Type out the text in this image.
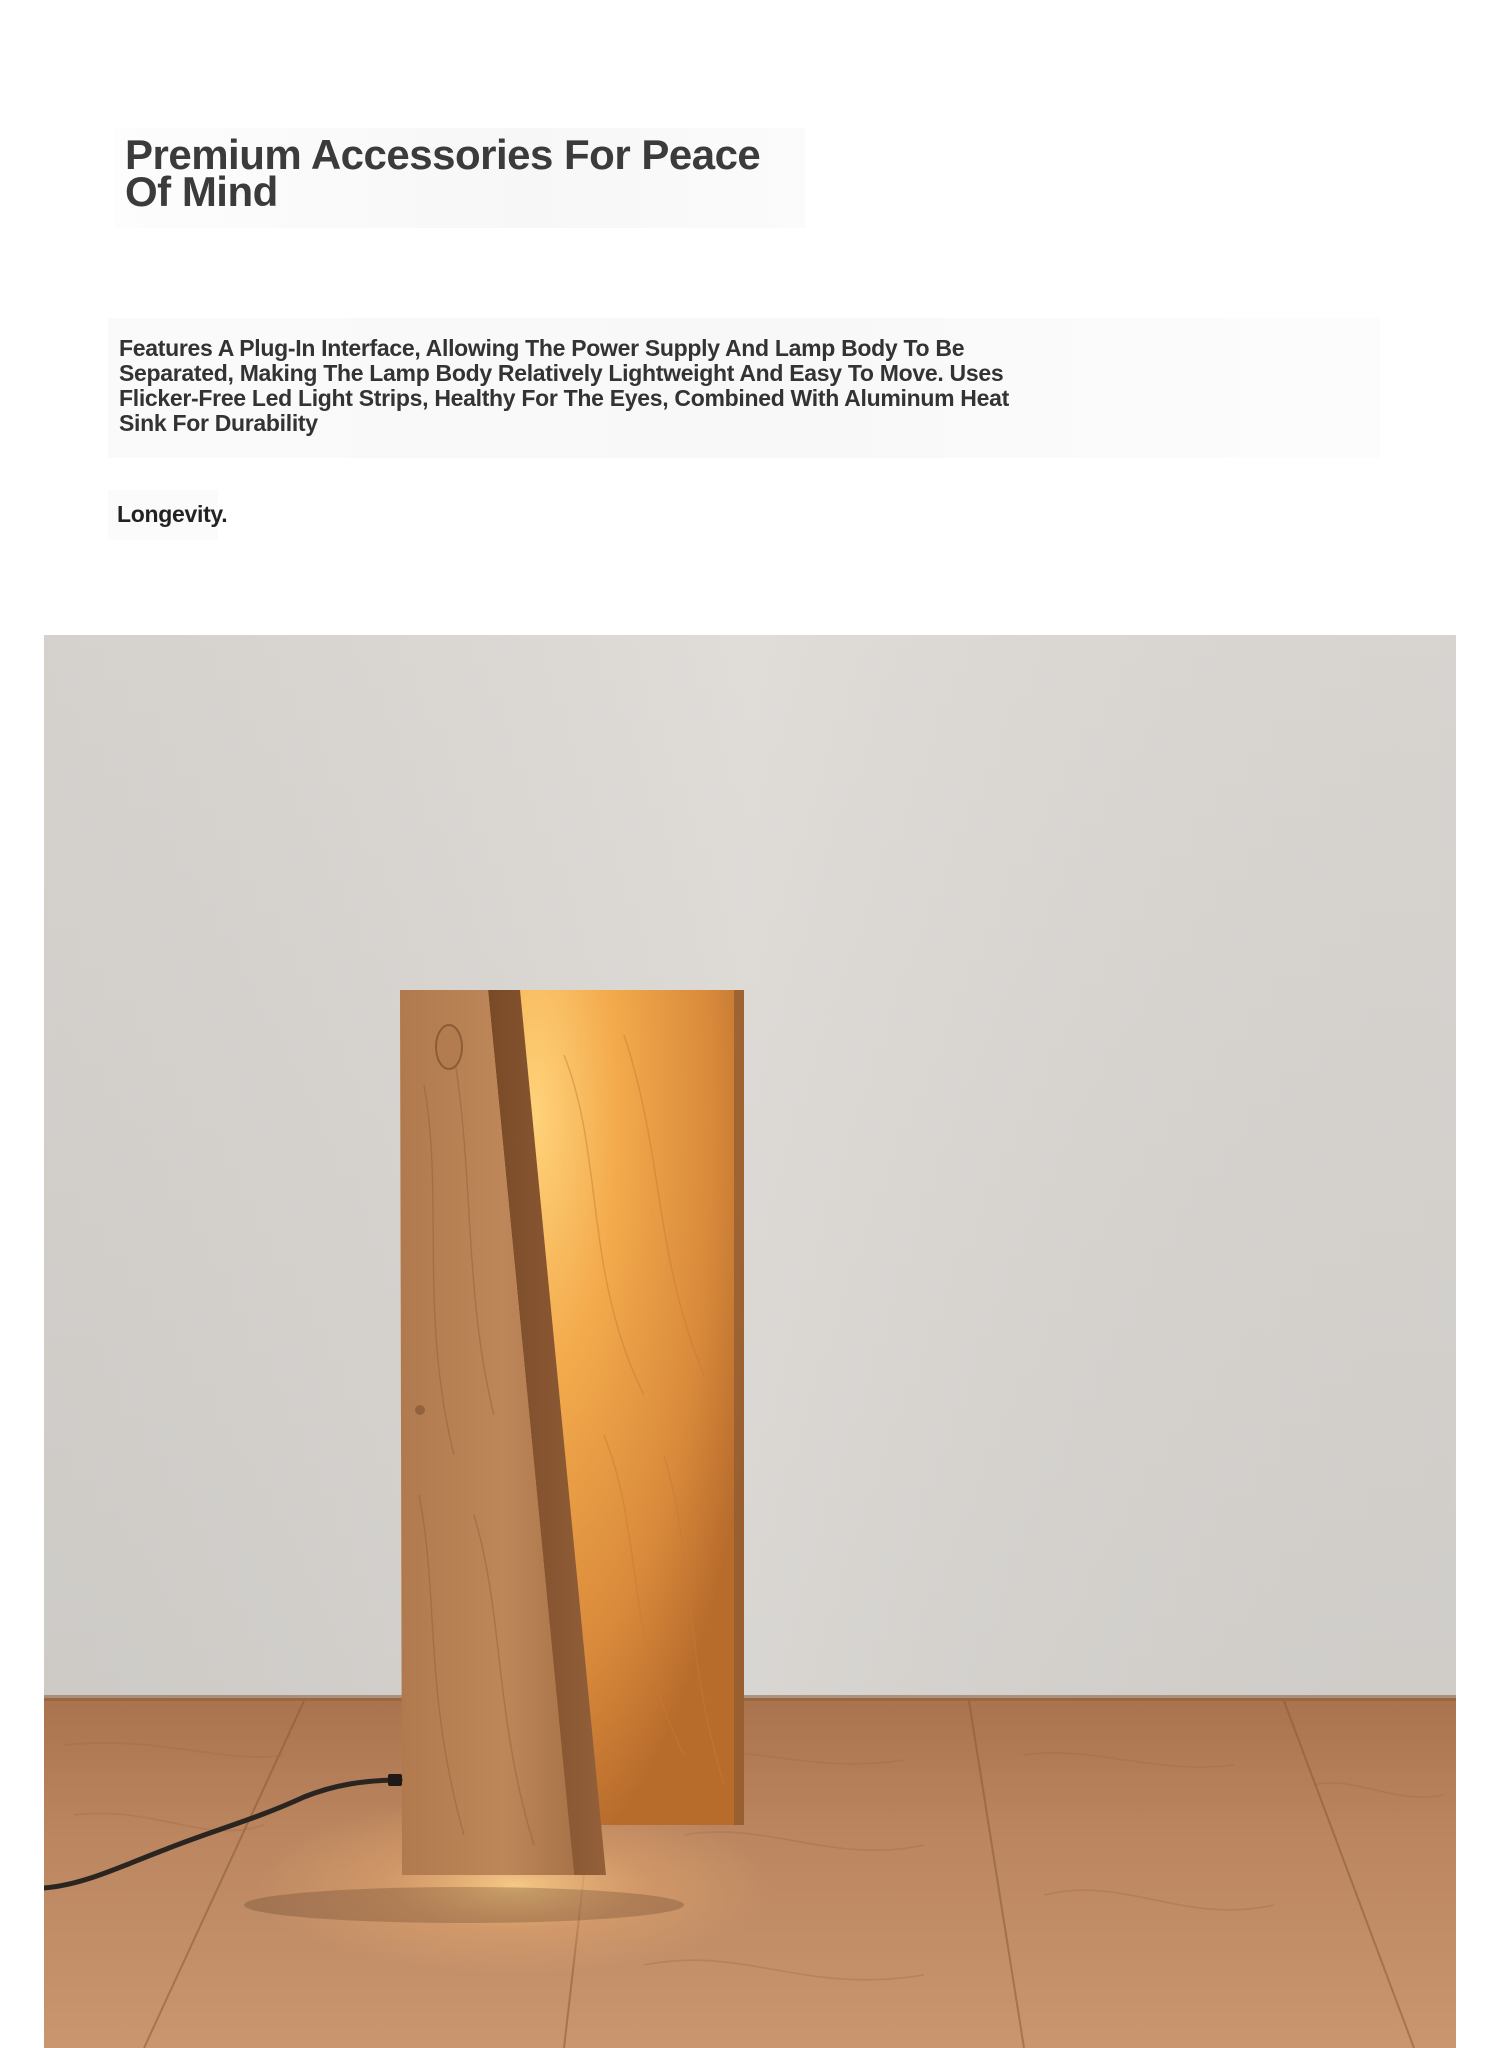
Premium Accessories For Peace Of Mind

Features A Plug-In Interface, Allowing The Power Supply And Lamp Body To Be Separated, Making The Lamp Body Relatively Lightweight And Easy To Move. Uses Flicker-Free Led Light Strips, Healthy For The Eyes, Combined With Aluminum Heat Sink For Durability

Longevity.
